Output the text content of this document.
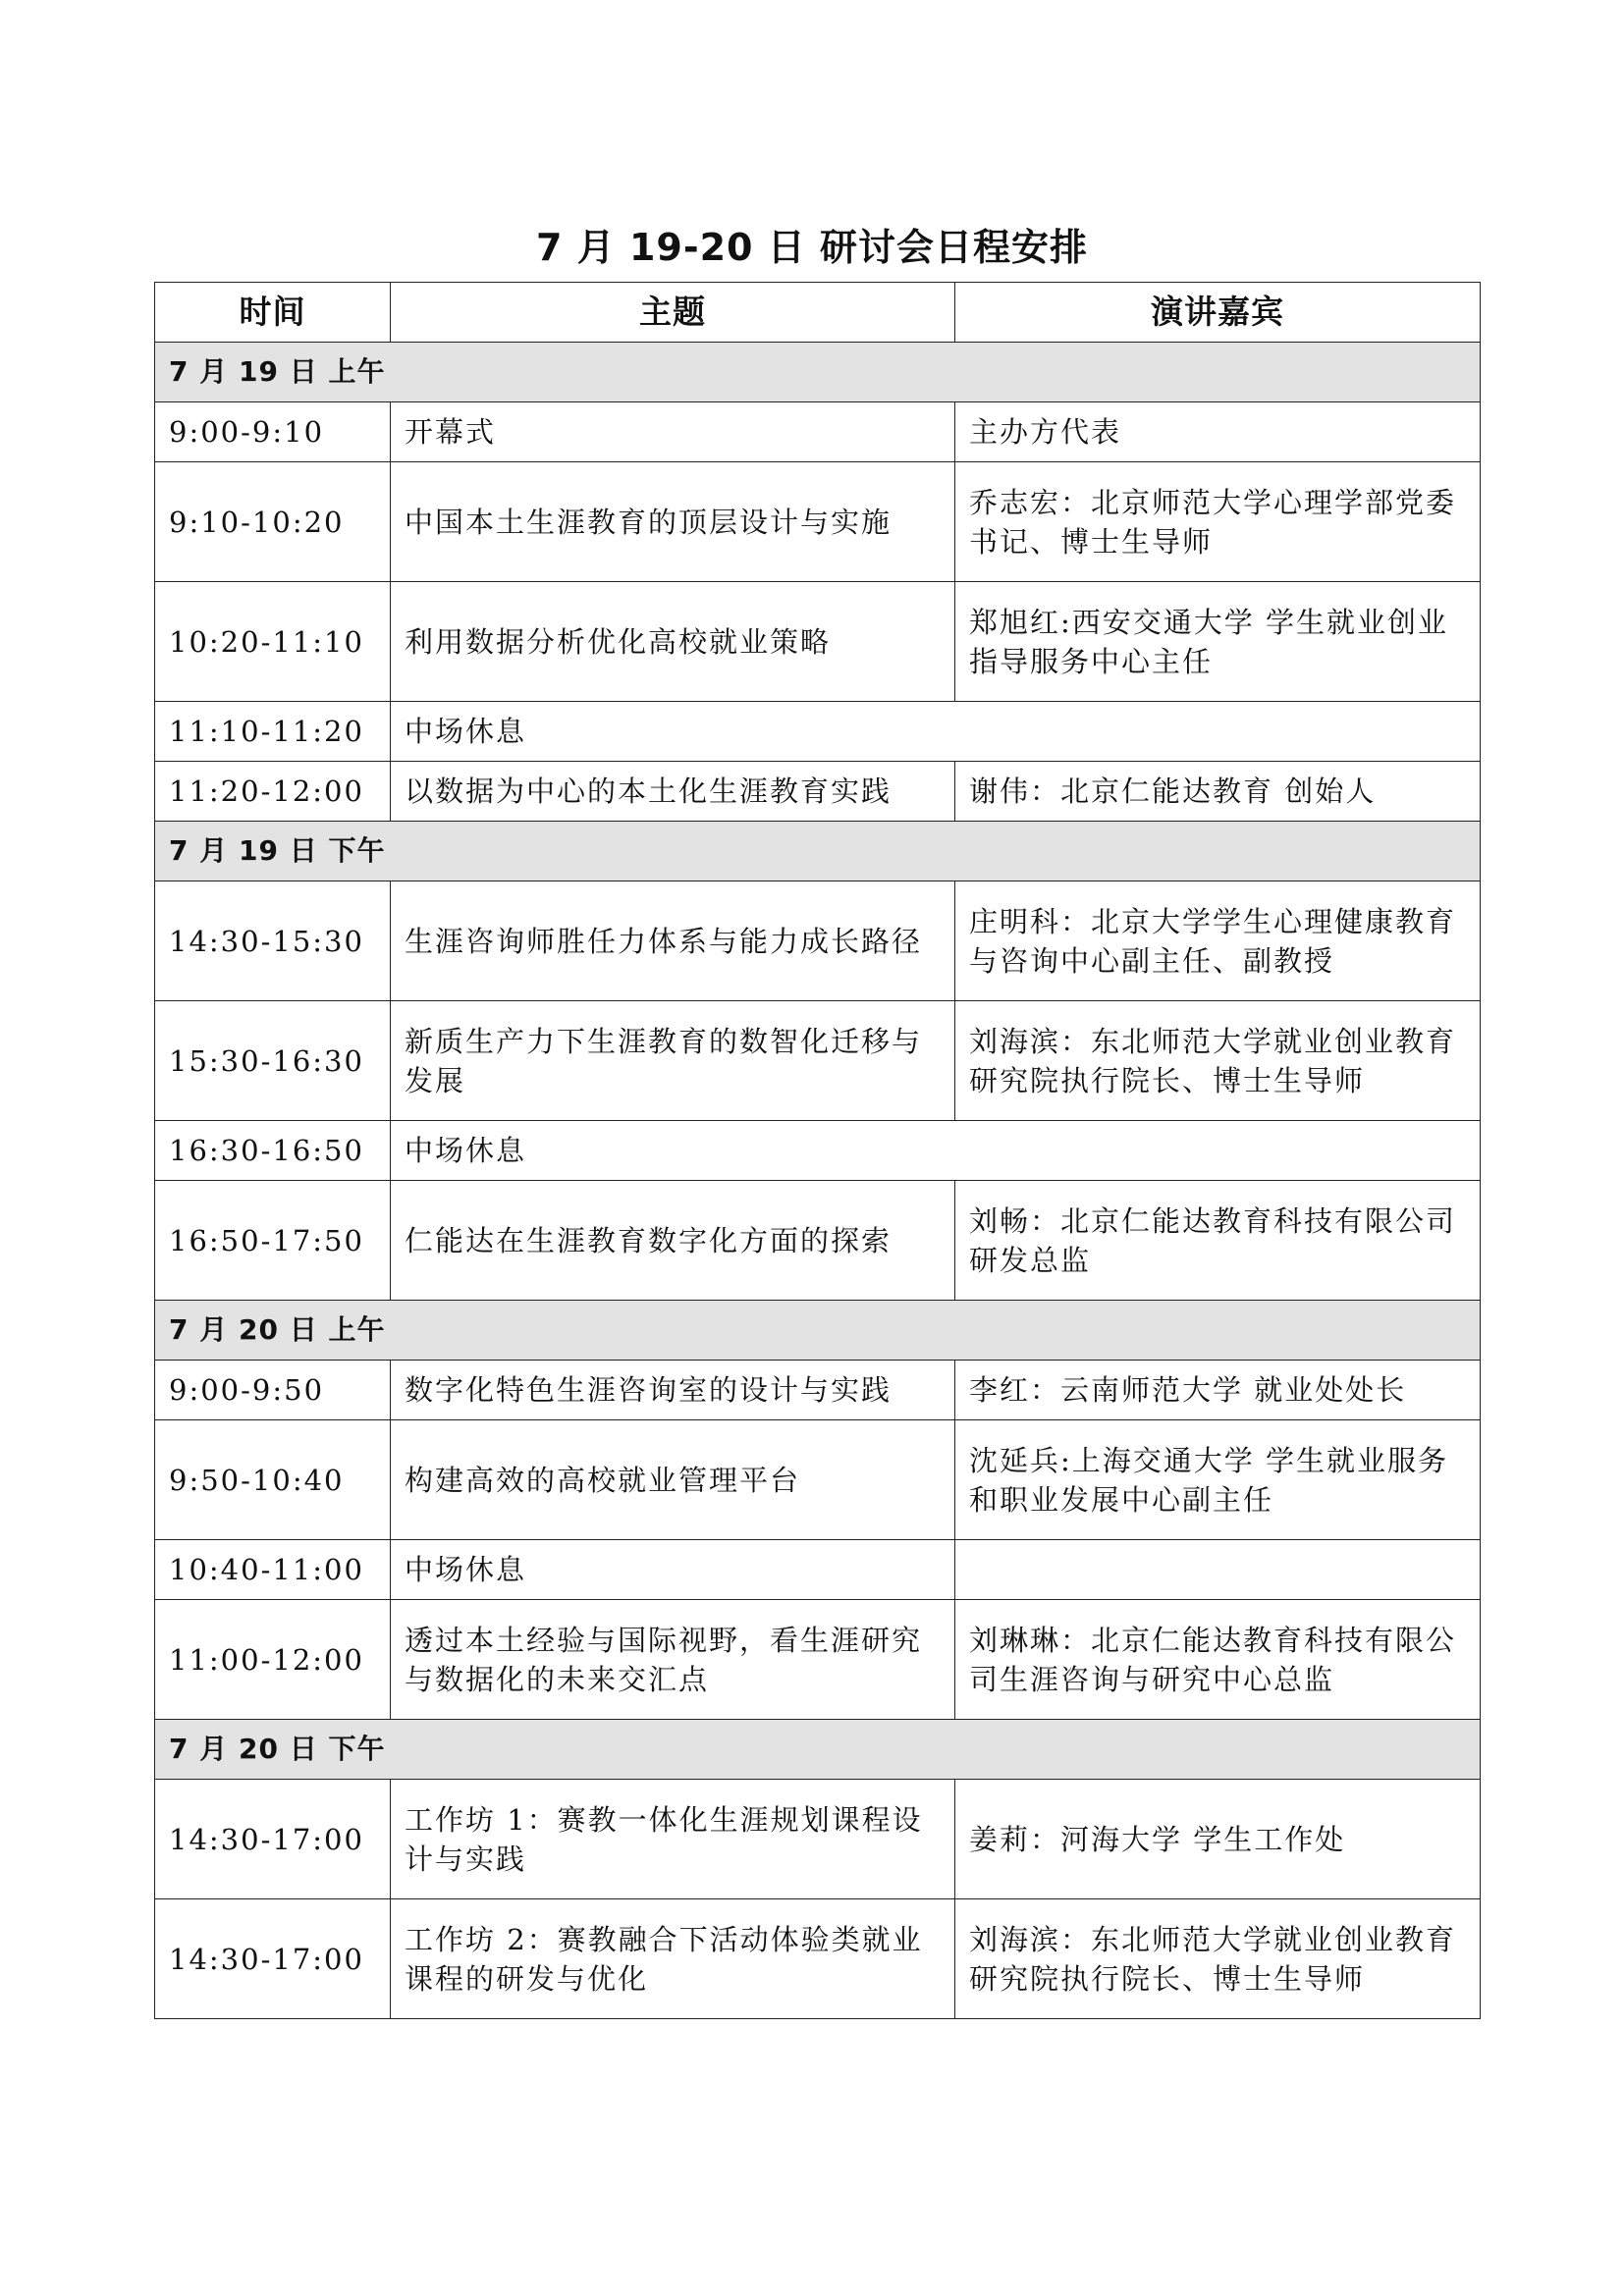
7 月 19-20 日 研讨会日程安排
时间	主题	演讲嘉宾
7 月 19 日 上午		
9:00-9:10	开幕式	主办方代表
9:10-10:20	中国本土生涯教育的顶层设计与实施	乔志宏：北京师范大学心理学部党委书记、博士生导师
10:20-11:10	利用数据分析优化高校就业策略	郑旭红:西安交通大学 学生就业创业指导服务中心主任
11:10-11:20	中场休息	
11:20-12:00	以数据为中心的本土化生涯教育实践	谢伟：北京仁能达教育 创始人
7 月 19 日 下午		
14:30-15:30	生涯咨询师胜任力体系与能力成长路径	庄明科：北京大学学生心理健康教育与咨询中心副主任、副教授
15:30-16:30	新质生产力下生涯教育的数智化迁移与发展	刘海滨：东北师范大学就业创业教育研究院执行院长、博士生导师
16:30-16:50	中场休息	
16:50-17:50	仁能达在生涯教育数字化方面的探索	刘畅：北京仁能达教育科技有限公司研发总监
7 月 20 日 上午		
9:00-9:50	数字化特色生涯咨询室的设计与实践	李红：云南师范大学 就业处处长
9:50-10:40	构建高效的高校就业管理平台	沈延兵:上海交通大学 学生就业服务和职业发展中心副主任
10:40-11:00	中场休息	
11:00-12:00	透过本土经验与国际视野，看生涯研究与数据化的未来交汇点	刘琳琳：北京仁能达教育科技有限公司生涯咨询与研究中心总监
7 月 20 日 下午		
14:30-17:00	工作坊 1：赛教一体化生涯规划课程设计与实践	姜莉：河海大学 学生工作处
14:30-17:00	工作坊 2：赛教融合下活动体验类就业课程的研发与优化	刘海滨：东北师范大学就业创业教育研究院执行院长、博士生导师
